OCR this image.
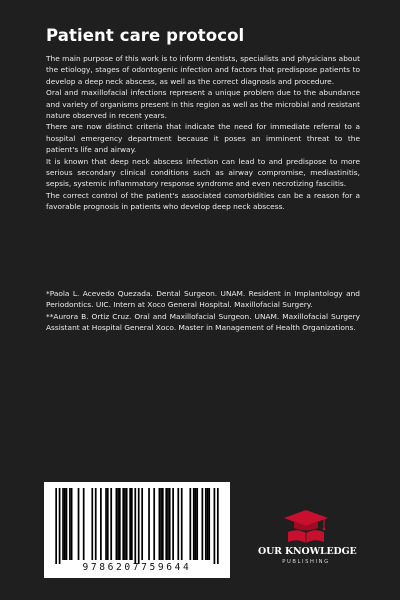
Patient care protocol

The main purpose of this work is to inform dentists, specialists and physicians about the etiology, stages of odontogenic infection and factors that predispose patients to develop a deep neck abscess, as well as the correct diagnosis and procedure.

Oral and maxillofacial infections represent a unique problem due to the abundance and variety of organisms present in this region as well as the microbial and resistant nature observed in recent years.

There are now distinct criteria that indicate the need for immediate referral to a hospital emergency department because it poses an imminent threat to the patient's life and airway.

It is known that deep neck abscess infection can lead to and predispose to more serious secondary clinical conditions such as airway compromise, mediastinitis, sepsis, systemic inflammatory response syndrome and even necrotizing fasciitis.

The correct control of the patient's associated comorbidities can be a reason for a favorable prognosis in patients who develop deep neck abscess.

*Paola L. Acevedo Quezada. Dental Surgeon. UNAM. Resident in Implantology and Periodontics. UIC. Intern at Xoco General Hospital. Maxillofacial Surgery.

**Aurora B. Ortiz Cruz. Oral and Maxillofacial Surgeon. UNAM. Maxillofacial Surgery Assistant at Hospital General Xoco. Master in Management of Health Organizations.

9786207759644
OUR KNOWLEDGE
PUBLISHING
